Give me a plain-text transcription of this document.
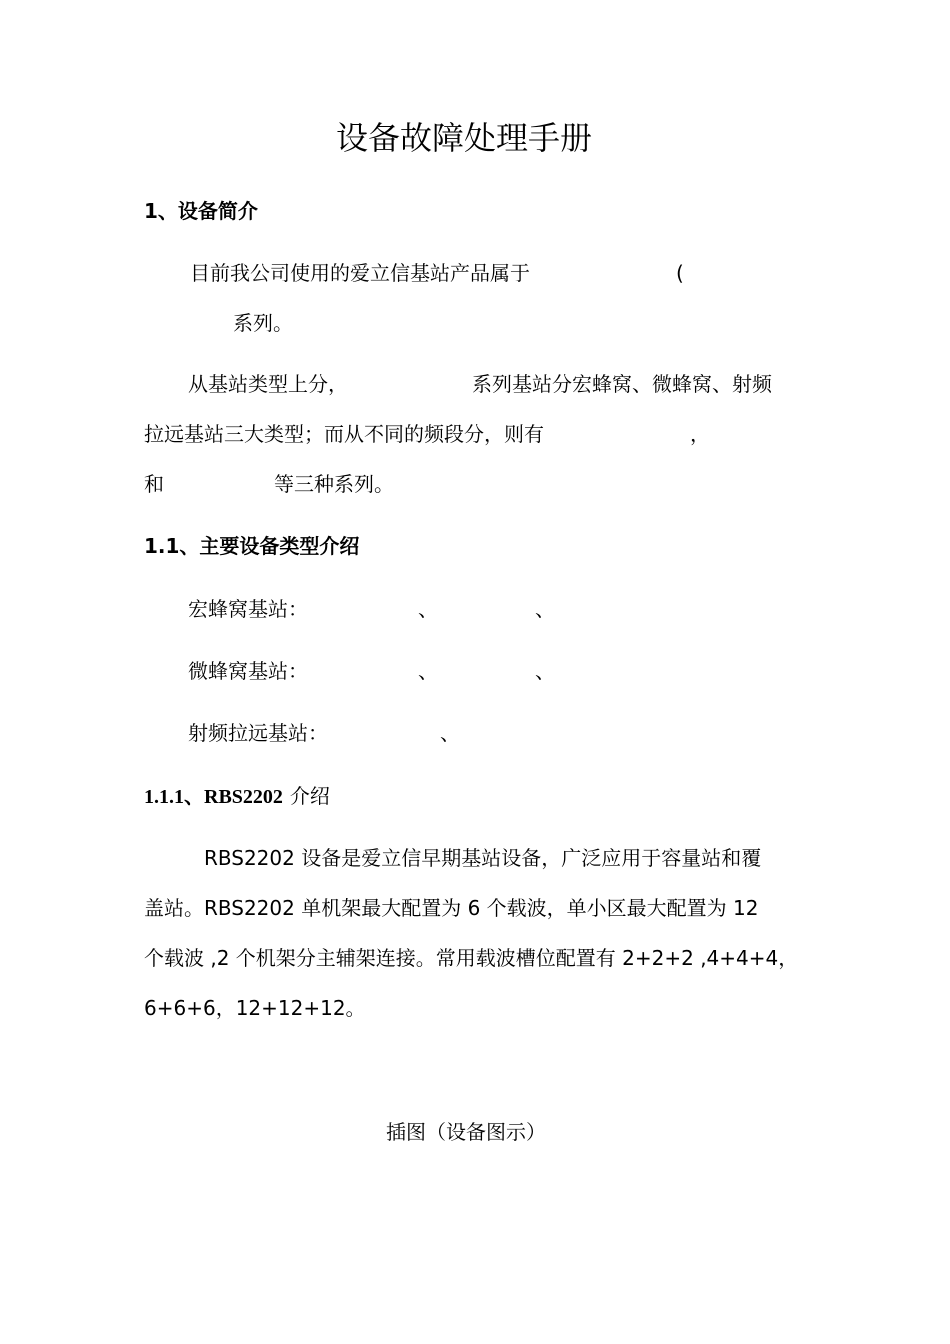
设备故障处理手册
1、设备简介
目前我公司使用的爱立信基站产品属于	(
系列。
从基站类型上分，	系列基站分宏蜂窝、微蜂窝、射频
拉远基站三大类型；而从不同的频段分，则有	，
和	等三种系列。
1.1、主要设备类型介绍
宏蜂窝基站：	、	、
微蜂窝基站：	、	、
射频拉远基站：	、
1.1.1、RBS2202 介绍
RBS2202 设备是爱立信早期基站设备，广泛应用于容量站和覆
盖站。RBS2202 单机架最大配置为 6 个载波，单小区最大配置为 12
个载波 ,2 个机架分主辅架连接。常用载波槽位配置有 2+2+2 ,4+4+4，
6+6+6，12+12+12。
插图（设备图示）
